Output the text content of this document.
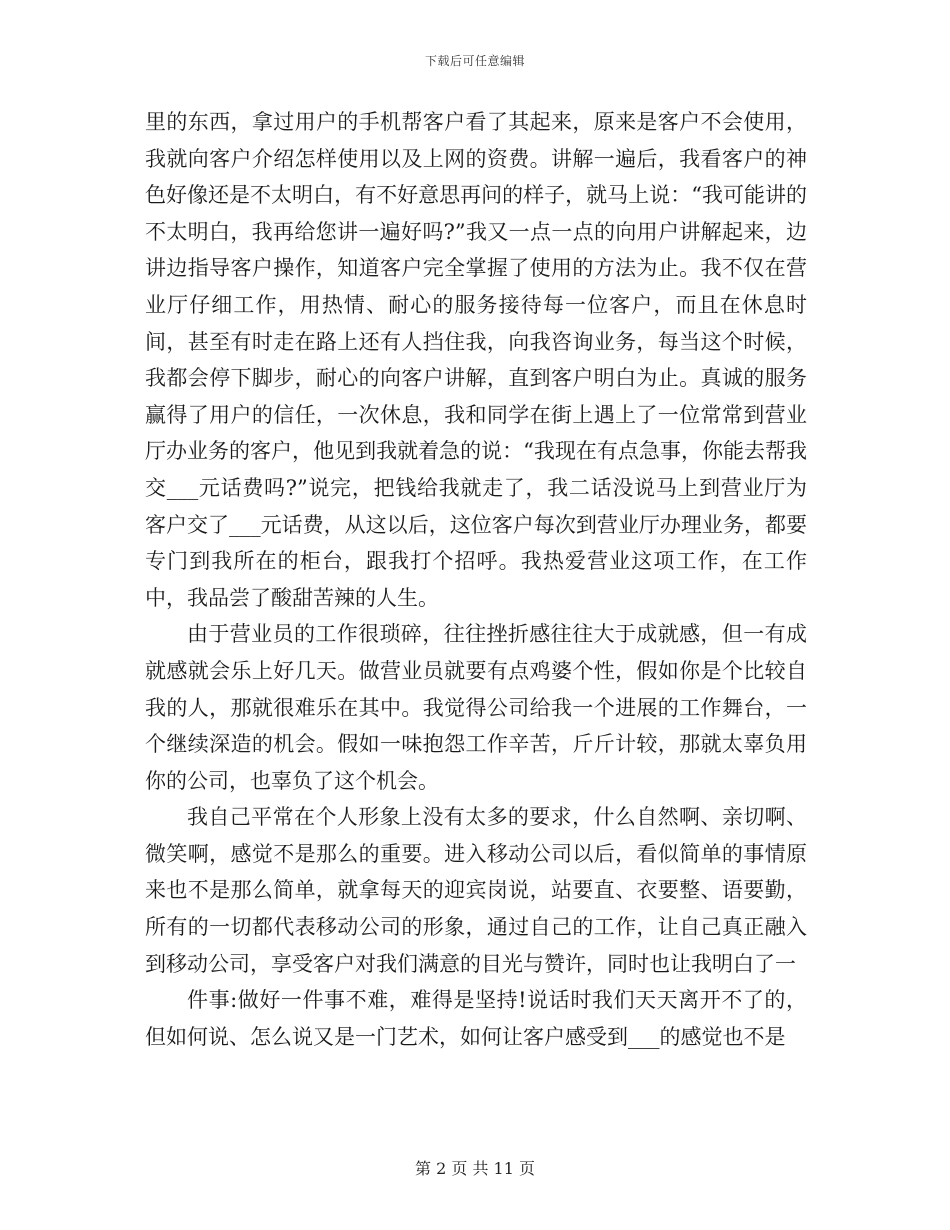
下载后可任意编辑

里的东西，拿过用户的手机帮客户看了其起来，原来是客户不会使用，我就向客户介绍怎样使用以及上网的资费。讲解一遍后，我看客户的神色好像还是不太明白，有不好意思再问的样子，就马上说：“我可能讲的不太明白，我再给您讲一遍好吗?”我又一点一点的向用户讲解起来，边讲边指导客户操作，知道客户完全掌握了使用的方法为止。我不仅在营业厅仔细工作，用热情、耐心的服务接待每一位客户，而且在休息时间，甚至有时走在路上还有人挡住我，向我咨询业务，每当这个时候，我都会停下脚步，耐心的向客户讲解，直到客户明白为止。真诚的服务赢得了用户的信任，一次休息，我和同学在街上遇上了一位常常到营业厅办业务的客户，他见到我就着急的说：“我现在有点急事，你能去帮我交___元话费吗?”说完，把钱给我就走了，我二话没说马上到营业厅为客户交了___元话费，从这以后，这位客户每次到营业厅办理业务，都要专门到我所在的柜台，跟我打个招呼。我热爱营业这项工作，在工作中，我品尝了酸甜苦辣的人生。

由于营业员的工作很琐碎，往往挫折感往往大于成就感，但一有成就感就会乐上好几天。做营业员就要有点鸡婆个性，假如你是个比较自我的人，那就很难乐在其中。我觉得公司给我一个进展的工作舞台，一个继续深造的机会。假如一味抱怨工作辛苦，斤斤计较，那就太辜负用你的公司，也辜负了这个机会。

我自己平常在个人形象上没有太多的要求，什么自然啊、亲切啊、微笑啊，感觉不是那么的重要。进入移动公司以后，看似简单的事情原来也不是那么简单，就拿每天的迎宾岗说，站要直、衣要整、语要勤，所有的一切都代表移动公司的形象，通过自己的工作，让自己真正融入到移动公司，享受客户对我们满意的目光与赞许，同时也让我明白了一

件事:做好一件事不难，难得是坚持!说话时我们天天离开不了的，但如何说、怎么说又是一门艺术，如何让客户感受到___的感觉也不是

第 2 页 共 11 页
